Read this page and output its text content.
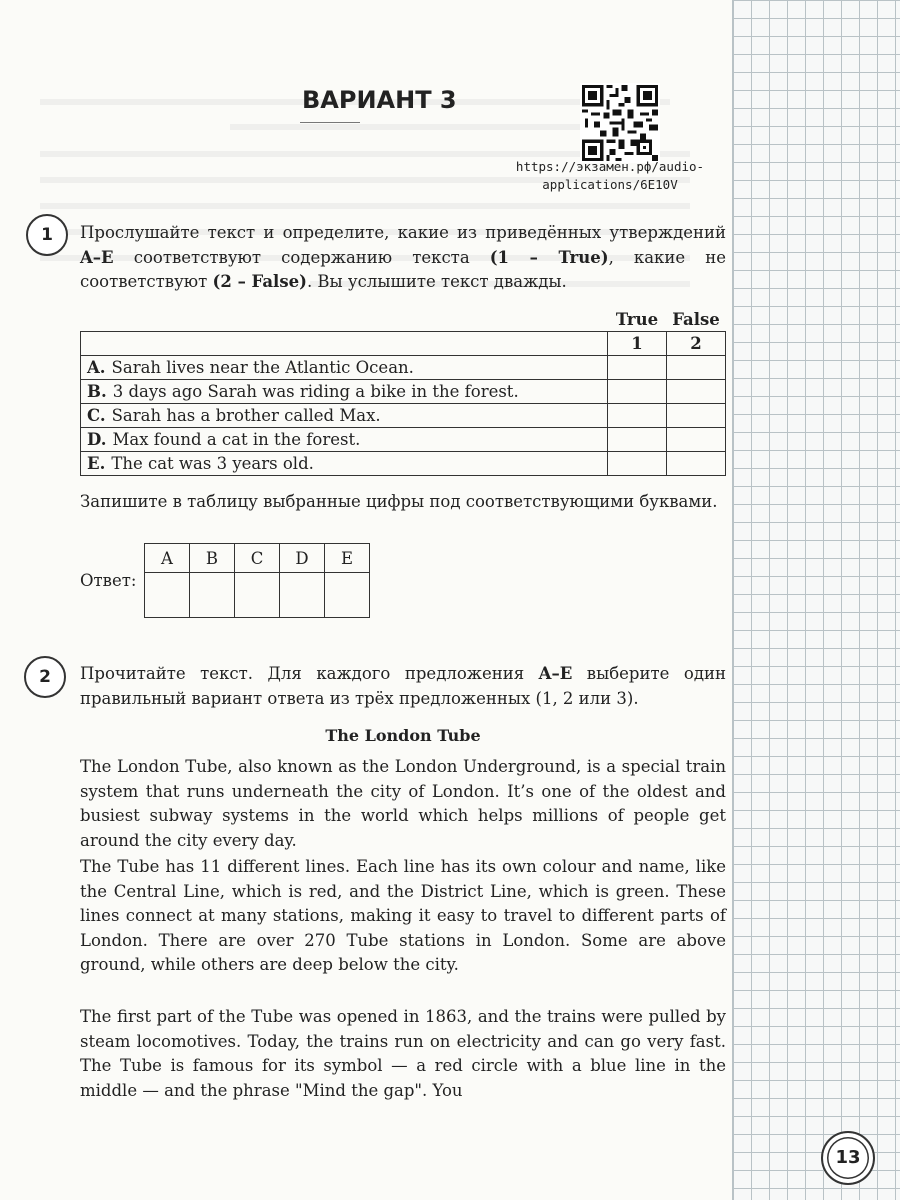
ВАРИАНТ 3
https://экзамен.рф/audio-
applications/6E10V
1	Прослушайте текст и определите, какие из приведённых утверждений A–E соответствуют содержанию текста (1 – True), какие не соответствуют (2 – False). Вы услышите текст дважды.

	True	False
	1	2
A. Sarah lives near the Atlantic Ocean.		
B. 3 days ago Sarah was riding a bike in the forest.		
C. Sarah has a brother called Max.		
D. Max found a cat in the forest.		
E. The cat was 3 years old.		

Запишите в таблицу выбранные цифры под соответствующими буквами.

Ответ:
A	B	C	D	E

2	Прочитайте текст. Для каждого предложения A–E выберите один правильный вариант ответа из трёх предложенных (1, 2 или 3).

The London Tube

The London Tube, also known as the London Underground, is a special train system that runs underneath the city of London. It’s one of the oldest and busiest subway systems in the world which helps millions of people get around the city every day.

The Tube has 11 different lines. Each line has its own colour and name, like the Central Line, which is red, and the District Line, which is green. These lines connect at many stations, making it easy to travel to different parts of London. There are over 270 Tube stations in London. Some are above ground, while others are deep below the city.

The first part of the Tube was opened in 1863, and the trains were pulled by steam locomotives. Today, the trains run on electricity and can go very fast. The Tube is famous for its symbol — a red circle with a blue line in the middle — and the phrase "Mind the gap". You

13
